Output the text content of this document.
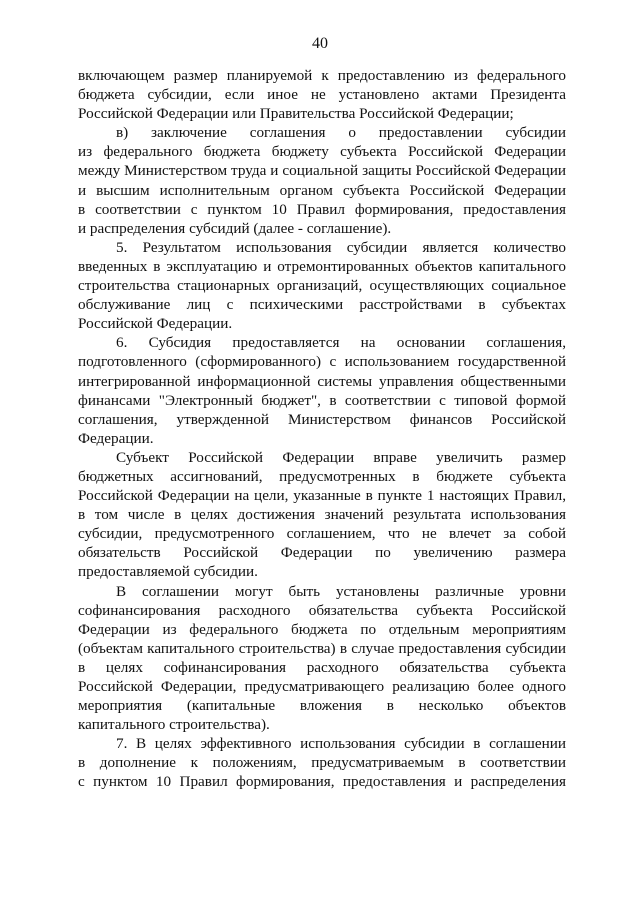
40

включающем размер планируемой к предоставлению из федерального

бюджета субсидии, если иное не установлено актами Президента

Российской Федерации или Правительства Российской Федерации;

в) заключение соглашения о предоставлении субсидии

из федерального бюджета бюджету субъекта Российской Федерации

между Министерством труда и социальной защиты Российской Федерации

и высшим исполнительным органом субъекта Российской Федерации

в соответствии с пунктом 10 Правил формирования, предоставления

и распределения субсидий (далее - соглашение).

5. Результатом использования субсидии является количество

введенных в эксплуатацию и отремонтированных объектов капитального

строительства стационарных организаций, осуществляющих социальное

обслуживание лиц с психическими расстройствами в субъектах

Российской Федерации.

6. Субсидия предоставляется на основании соглашения,

подготовленного (сформированного) с использованием государственной

интегрированной информационной системы управления общественными

финансами "Электронный бюджет", в соответствии с типовой формой

соглашения, утвержденной Министерством финансов Российской

Федерации.

Субъект Российской Федерации вправе увеличить размер

бюджетных ассигнований, предусмотренных в бюджете субъекта

Российской Федерации на цели, указанные в пункте 1 настоящих Правил,

в том числе в целях достижения значений результата использования

субсидии, предусмотренного соглашением, что не влечет за собой

обязательств Российской Федерации по увеличению размера

предоставляемой субсидии.

В соглашении могут быть установлены различные уровни

софинансирования расходного обязательства субъекта Российской

Федерации из федерального бюджета по отдельным мероприятиям

(объектам капитального строительства) в случае предоставления субсидии

в целях софинансирования расходного обязательства субъекта

Российской Федерации, предусматривающего реализацию более одного

мероприятия (капитальные вложения в несколько объектов

капитального строительства).

7. В целях эффективного использования субсидии в соглашении

в дополнение к положениям, предусматриваемым в соответствии

с пунктом 10 Правил формирования, предоставления и распределения
